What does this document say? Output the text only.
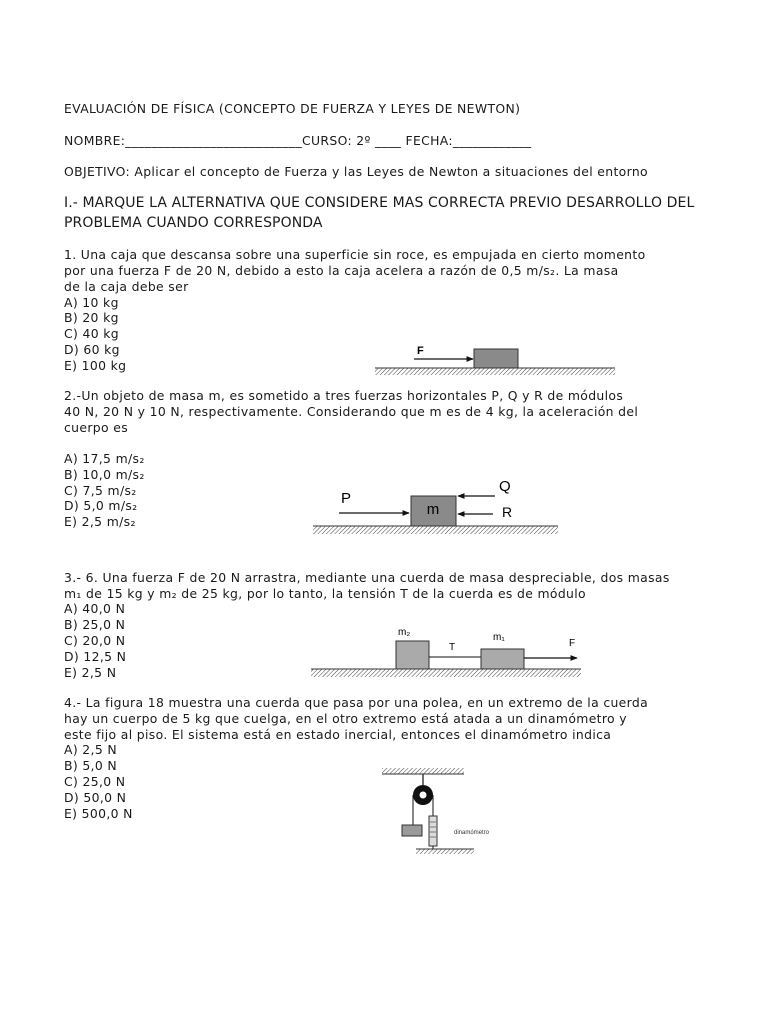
EVALUACIÓN DE FÍSICA (CONCEPTO DE FUERZA Y LEYES DE NEWTON)
NOMBRE:___________________________CURSO: 2º ____ FECHA:____________
OBJETIVO: Aplicar el concepto de Fuerza y las Leyes de Newton a situaciones del entorno
I.- MARQUE LA ALTERNATIVA QUE CONSIDERE MAS CORRECTA PREVIO DESARROLLO DEL
PROBLEMA CUANDO CORRESPONDA
1. Una caja que descansa sobre una superficie sin roce, es empujada en cierto momento
por una fuerza F de 20 N, debido a esto la caja acelera a razón de 0,5 m/s₂. La masa
de la caja debe ser
A) 10 kg
B) 20 kg
C) 40 kg
D) 60 kg
E) 100 kg
F
2.-Un objeto de masa m, es sometido a tres fuerzas horizontales P, Q y R de módulos
40 N, 20 N y 10 N, respectivamente. Considerando que m es de 4 kg, la aceleración del
cuerpo es
A) 17,5 m/s₂
B) 10,0 m/s₂
C) 7,5 m/s₂
D) 5,0 m/s₂
E) 2,5 m/s₂
m
P
Q
R
3.- 6. Una fuerza F de 20 N arrastra, mediante una cuerda de masa despreciable, dos masas
m₁ de 15 kg y m₂ de 25 kg, por lo tanto, la tensión T de la cuerda es de módulo
A) 40,0 N
B) 25,0 N
C) 20,0 N
D) 12,5 N
E) 2,5 N
m₂
T
m₁
F
4.- La figura 18 muestra una cuerda que pasa por una polea, en un extremo de la cuerda
hay un cuerpo de 5 kg que cuelga, en el otro extremo está atada a un dinamómetro y
este fijo al piso. El sistema está en estado inercial, entonces el dinamómetro indica
A) 2,5 N
B) 5,0 N
C) 25,0 N
D) 50,0 N
E) 500,0 N
dinamómetro
